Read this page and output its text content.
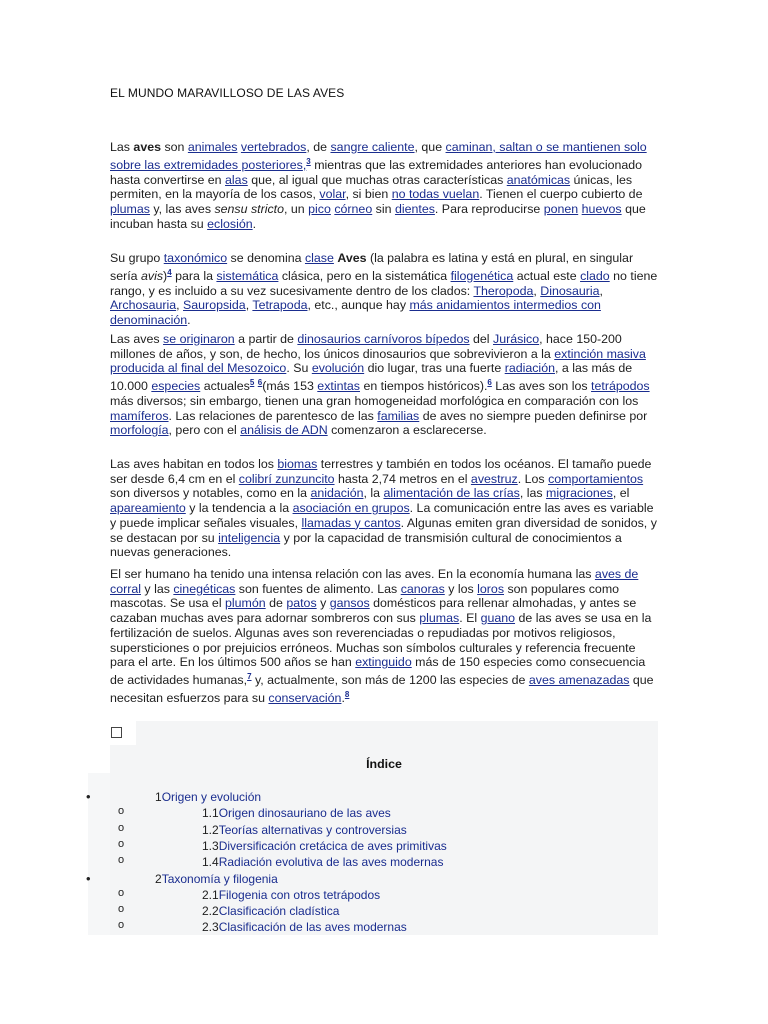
EL MUNDO MARAVILLOSO DE LAS AVES
Las aves son animales vertebrados, de sangre caliente, que caminan, saltan o se mantienen solo sobre las extremidades posteriores,$^3$ mientras que las extremidades anteriores han evolucionado hasta convertirse en alas que, al igual que muchas otras características anatómicas únicas, les permiten, en la mayoría de los casos, volar, si bien no todas vuelan. Tienen el cuerpo cubierto de plumas y, las aves sensu stricto, un pico córneo sin dientes. Para reproducirse ponen huevos que incuban hasta su eclosión.
Su grupo taxonómico se denomina clase Aves (la palabra es latina y está en plural, en singular sería avis)$^4$ para la sistemática clásica, pero en la sistemática filogenética actual este clado no tiene rango, y es incluido a su vez sucesivamente dentro de los clados: Theropoda, Dinosauria, Archosauria, Sauropsida, Tetrapoda, etc., aunque hay más anidamientos intermedios con denominación.
Las aves se originaron a partir de dinosaurios carnívoros bípedos del Jurásico, hace 150-200 millones de años, y son, de hecho, los únicos dinosaurios que sobrevivieron a la extinción masiva producida al final del Mesozoico. Su evolución dio lugar, tras una fuerte radiación, a las más de 10.000 especies actuales$^5$ $^6$(más 153 extintas en tiempos históricos).$^6$ Las aves son los tetrápodos más diversos; sin embargo, tienen una gran homogeneidad morfológica en comparación con los mamíferos. Las relaciones de parentesco de las familias de aves no siempre pueden definirse por morfología, pero con el análisis de ADN comenzaron a esclarecerse.
Las aves habitan en todos los biomas terrestres y también en todos los océanos. El tamaño puede ser desde 6,4 cm en el colibrí zunzuncito hasta 2,74 metros en el avestruz. Los comportamientos son diversos y notables, como en la anidación, la alimentación de las crías, las migraciones, el apareamiento y la tendencia a la asociación en grupos. La comunicación entre las aves es variable y puede implicar señales visuales, llamadas y cantos. Algunas emiten gran diversidad de sonidos, y se destacan por su inteligencia y por la capacidad de transmisión cultural de conocimientos a nuevas generaciones.
El ser humano ha tenido una intensa relación con las aves. En la economía humana las aves de corral y las cinegéticas son fuentes de alimento. Las canoras y los loros son populares como mascotas. Se usa el plumón de patos y gansos domésticos para rellenar almohadas, y antes se cazaban muchas aves para adornar sombreros con sus plumas. El guano de las aves se usa en la fertilización de suelos. Algunas aves son reverenciadas o repudiadas por motivos religiosos, supersticiones o por prejuicios erróneos. Muchas son símbolos culturales y referencia frecuente para el arte. En los últimos 500 años se han extinguido más de 150 especies como consecuencia de actividades humanas,$^7$ y, actualmente, son más de 1200 las especies de aves amenazadas que necesitan esfuerzos para su conservación.$^8$
Índice
•	1Origen y evolución
o	1.1Origen dinosauriano de las aves
o	1.2Teorías alternativas y controversias
o	1.3Diversificación cretácica de aves primitivas
o	1.4Radiación evolutiva de las aves modernas
•	2Taxonomía y filogenia
o	2.1Filogenia con otros tetrápodos
o	2.2Clasificación cladística
o	2.3Clasificación de las aves modernas
